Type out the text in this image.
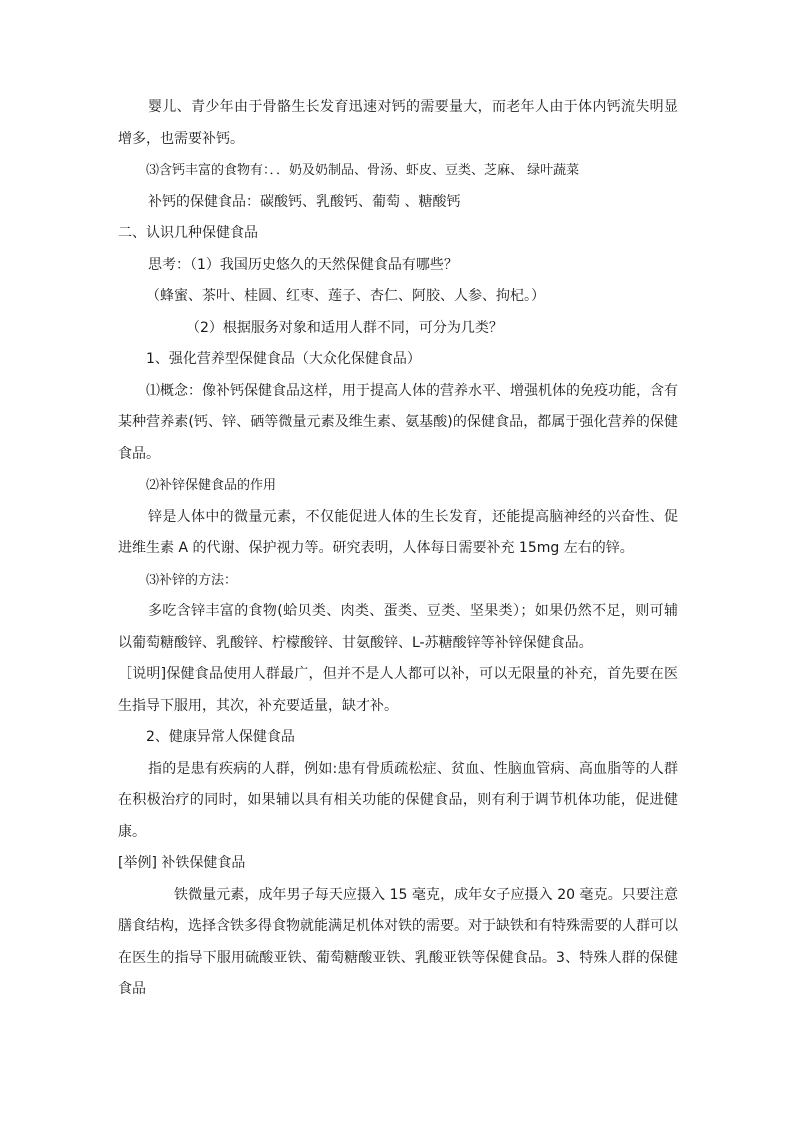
婴儿、青少年由于骨骼生长发育迅速对钙的需要量大，而老年人由于体内钙流失明显增多，也需要补钙。

⑶含钙丰富的食物有：．．奶及奶制品、骨汤、虾皮、豆类、芝麻、 绿叶蔬菜

补钙的保健食品：碳酸钙、乳酸钙、葡萄 、糖酸钙

二、认识几种保健食品

思考：（1）我国历史悠久的天然保健食品有哪些？

（蜂蜜、茶叶、桂圆、红枣、莲子、杏仁、阿胶、人参、拘杞。）

（2）根据服务对象和适用人群不同，可分为几类？

1、强化营养型保健食品（大众化保健食品）

⑴概念：像补钙保健食品这样，用于提高人体的营养水平、增强机体的免疫功能，含有某种营养素(钙、锌、硒等微量元素及维生素、氨基酸)的保健食品，都属于强化营养的保健食品。

⑵补锌保健食品的作用

锌是人体中的微量元素，不仅能促进人体的生长发育，还能提高脑神经的兴奋性、促进维生素 A 的代谢、保护视力等。研究表明，人体每日需要补充 15mg 左右的锌。

⑶补锌的方法：

多吃含锌丰富的食物(蛤贝类、肉类、蛋类、豆类、坚果类）；如果仍然不足，则可辅以葡萄糖酸锌、乳酸锌、柠檬酸锌、甘氨酸锌、L-苏糖酸锌等补锌保健食品。

［说明]保健食品使用人群最广，但并不是人人都可以补，可以无限量的补充，首先要在医生指导下服用，其次，补充要适量，缺才补。

2、健康异常人保健食品

指的是患有疾病的人群，例如:患有骨质疏松症、贫血、性脑血管病、高血脂等的人群在积极治疗的同时，如果辅以具有相关功能的保健食品，则有利于调节机体功能，促进健康。

[举例] 补铁保健食品

铁微量元素，成年男子每天应摄入 15 毫克，成年女子应摄入 20 毫克。只要注意膳食结构，选择含铁多得食物就能满足机体对铁的需要。对于缺铁和有特殊需要的人群可以在医生的指导下服用硫酸亚铁、葡萄糖酸亚铁、乳酸亚铁等保健食品。3、特殊人群的保健食品
